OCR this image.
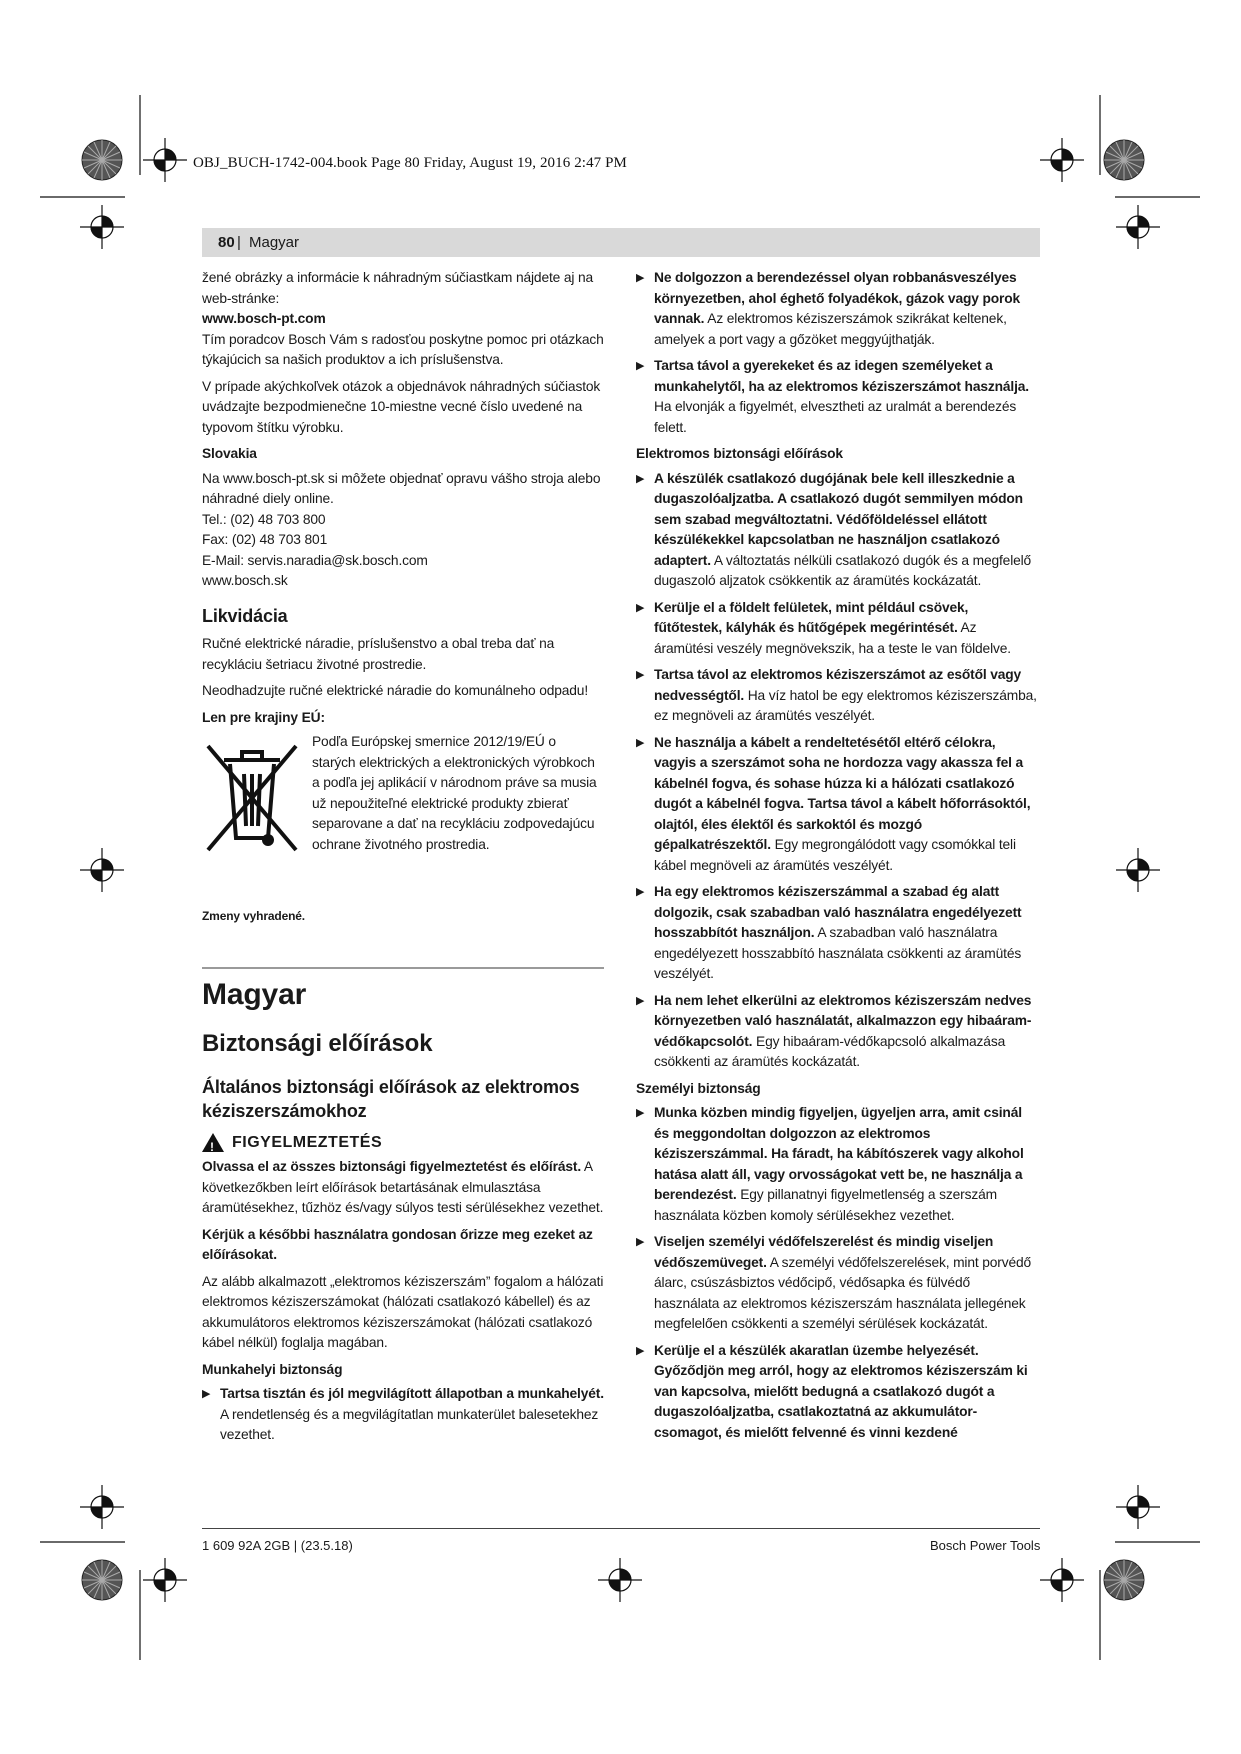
OBJ_BUCH-1742-004.book Page 80 Friday, August 19, 2016 2:47 PM
80 | Magyar

žené obrázky a informácie k náhradným súčiastkam nájdete aj na web-stránke:

www.bosch-pt.com

Tím poradcov Bosch Vám s radosťou poskytne pomoc pri otázkach týkajúcich sa našich produktov a ich príslušenstva.

V prípade akýchkoľvek otázok a objednávok náhradných súčiastok uvádzajte bezpodmienečne 10-miestne vecné číslo uvedené na typovom štítku výrobku.

Slovakia

Na www.bosch-pt.sk si môžete objednať opravu vášho stroja alebo náhradné diely online.

Tel.: (02) 48 703 800

Fax: (02) 48 703 801

E-Mail: servis.naradia@sk.bosch.com

www.bosch.sk

Likvidácia

Ručné elektrické náradie, príslušenstvo a obal treba dať na recykláciu šetriacu životné prostredie.

Neodhadzujte ručné elektrické náradie do komunálneho odpadu!

Len pre krajiny EÚ:

Podľa Európskej smernice 2012/19/EÚ o starých elektrických a elektronických výrobkoch a podľa jej aplikácií v národnom práve sa musia už nepoužiteľné elektrické produkty zbierať separovane a dať na recykláciu zodpovedajúcu ochrane životného prostredia.
Zmeny vyhradené.
Magyar
Biztonsági előírások
Általános biztonsági előírások az elektromos kéziszerszámokhoz
! FIGYELMEZTETÉS

Olvassa el az összes biztonsági figyelmeztetést és előírást. A következőkben leírt előírások betartásának elmulasztása áramütésekhez, tűzhöz és/vagy súlyos testi sérülésekhez vezethet.

Kérjük a későbbi használatra gondosan őrizze meg ezeket az előírásokat.

Az alább alkalmazott „elektromos kéziszerszám” fogalom a hálózati elektromos kéziszerszámokat (hálózati csatlakozó kábellel) és az akkumulátoros elektromos kéziszerszámokat (hálózati csatlakozó kábel nélkül) foglalja magában.

Munkahelyi biztonság

▶ Tartsa tisztán és jól megvilágított állapotban a munkahelyét. A rendetlenség és a megvilágítatlan munkaterület balesetekhez vezethet.
▶ Ne dolgozzon a berendezéssel olyan robbanásveszélyes környezetben, ahol éghető folyadékok, gázok vagy porok vannak. Az elektromos kéziszerszámok szikrákat keltenek, amelyek a port vagy a gőzöket meggyújthatják.
▶ Tartsa távol a gyerekeket és az idegen személyeket a munkahelytől, ha az elektromos kéziszerszámot használja. Ha elvonják a figyelmét, elvesztheti az uralmát a berendezés felett.

Elektromos biztonsági előírások

▶ A készülék csatlakozó dugójának bele kell illeszkednie a dugaszolóaljzatba. A csatlakozó dugót semmilyen módon sem szabad megváltoztatni. Védőföldeléssel ellátott készülékekkel kapcsolatban ne használjon csatlakozó adaptert. A változtatás nélküli csatlakozó dugók és a megfelelő dugaszoló aljzatok csökkentik az áramütés kockázatát.
▶ Kerülje el a földelt felületek, mint például csövek, fűtőtestek, kályhák és hűtőgépek megérintését. Az áramütési veszély megnövekszik, ha a teste le van földelve.
▶ Tartsa távol az elektromos kéziszerszámot az esőtől vagy nedvességtől. Ha víz hatol be egy elektromos kéziszerszámba, ez megnöveli az áramütés veszélyét.
▶ Ne használja a kábelt a rendeltetésétől eltérő célokra, vagyis a szerszámot soha ne hordozza vagy akassza fel a kábelnél fogva, és sohase húzza ki a hálózati csatlakozó dugót a kábelnél fogva. Tartsa távol a kábelt hőforrásoktól, olajtól, éles élektől és sarkoktól és mozgó gépalkatrészektől. Egy megrongálódott vagy csomókkal teli kábel megnöveli az áramütés veszélyét.
▶ Ha egy elektromos kéziszerszámmal a szabad ég alatt dolgozik, csak szabadban való használatra engedélyezett hosszabbítót használjon. A szabadban való használatra engedélyezett hosszabbító használata csökkenti az áramütés veszélyét.
▶ Ha nem lehet elkerülni az elektromos kéziszerszám nedves környezetben való használatát, alkalmazzon egy hibaáram-védőkapcsolót. Egy hibaáram-védőkapcsoló alkalmazása csökkenti az áramütés kockázatát.

Személyi biztonság

▶ Munka közben mindig figyeljen, ügyeljen arra, amit csinál és meggondoltan dolgozzon az elektromos kéziszerszámmal. Ha fáradt, ha kábítószerek vagy alkohol hatása alatt áll, vagy orvosságokat vett be, ne használja a berendezést. Egy pillanatnyi figyelmetlenség a szerszám használata közben komoly sérülésekhez vezethet.
▶ Viseljen személyi védőfelszerelést és mindig viseljen védőszemüveget. A személyi védőfelszerelések, mint porvédő álarc, csúszásbiztos védőcipő, védősapka és fülvédő használata az elektromos kéziszerszám használata jellegének megfelelően csökkenti a személyi sérülések kockázatát.
▶ Kerülje el a készülék akaratlan üzembe helyezését. Győződjön meg arról, hogy az elektromos kéziszerszám ki van kapcsolva, mielőtt bedugná a csatlakozó dugót a dugaszolóaljzatba, csatlakoztatná az akkumulátor-csomagot, és mielőtt felvenné és vinni kezdené
1 609 92A 2GB | (23.5.18)	Bosch Power Tools
